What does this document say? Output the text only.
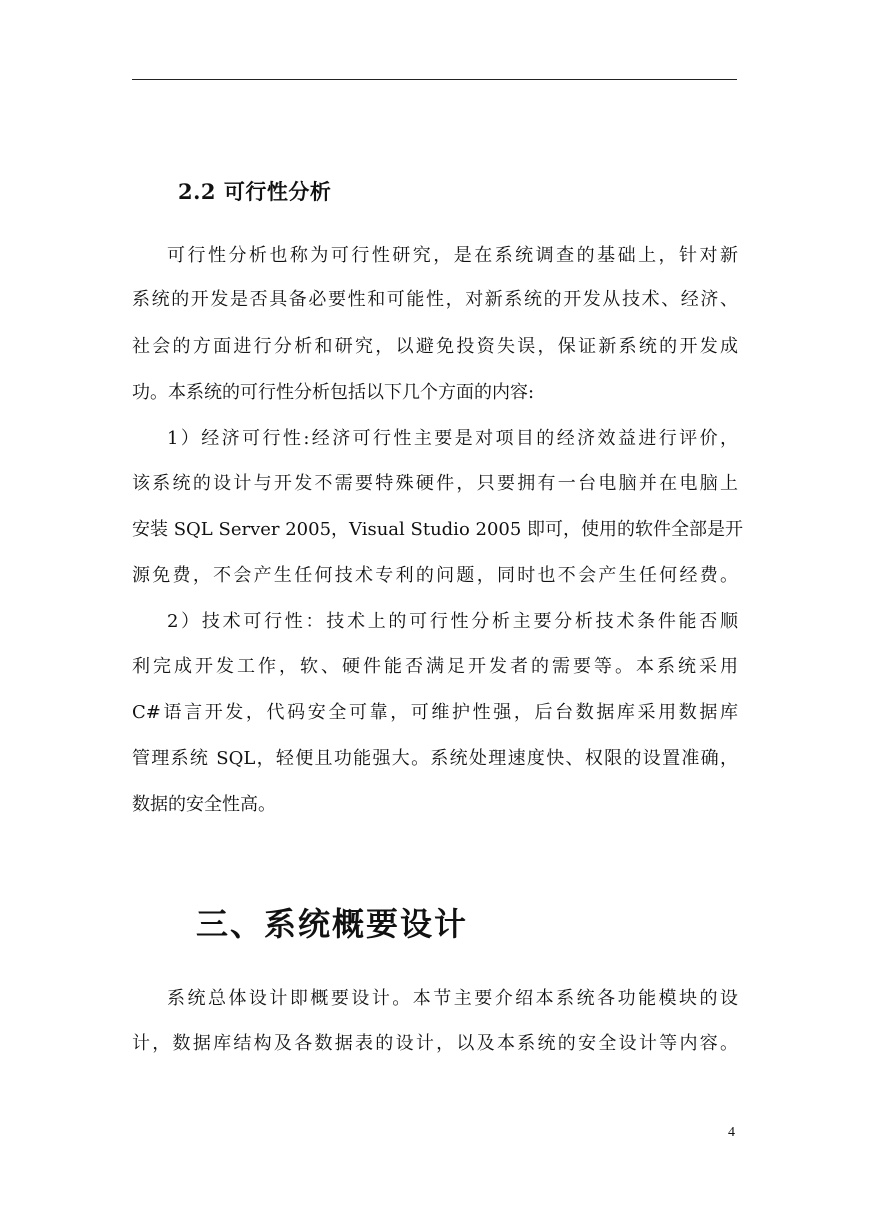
2.2 可行性分析
可行性分析也称为可行性研究，是在系统调查的基础上，针对新
系统的开发是否具备必要性和可能性，对新系统的开发从技术、经济、
社会的方面进行分析和研究，以避免投资失误，保证新系统的开发成
功。本系统的可行性分析包括以下几个方面的内容:
1）经济可行性:经济可行性主要是对项目的经济效益进行评价，
该系统的设计与开发不需要特殊硬件，只要拥有一台电脑并在电脑上
安装 SQL Server 2005，Visual Studio 2005 即可，使用的软件全部是开
源免费，不会产生任何技术专利的问题，同时也不会产生任何经费。
2）技术可行性：技术上的可行性分析主要分析技术条件能否顺
利完成开发工作，软、硬件能否满足开发者的需要等。本系统采用
C#语言开发，代码安全可靠，可维护性强，后台数据库采用数据库
管理系统 SQL，轻便且功能强大。系统处理速度快、权限的设置准确，
数据的安全性高。
三、系统概要设计
系统总体设计即概要设计。本节主要介绍本系统各功能模块的设
计，数据库结构及各数据表的设计，以及本系统的安全设计等内容。
4
